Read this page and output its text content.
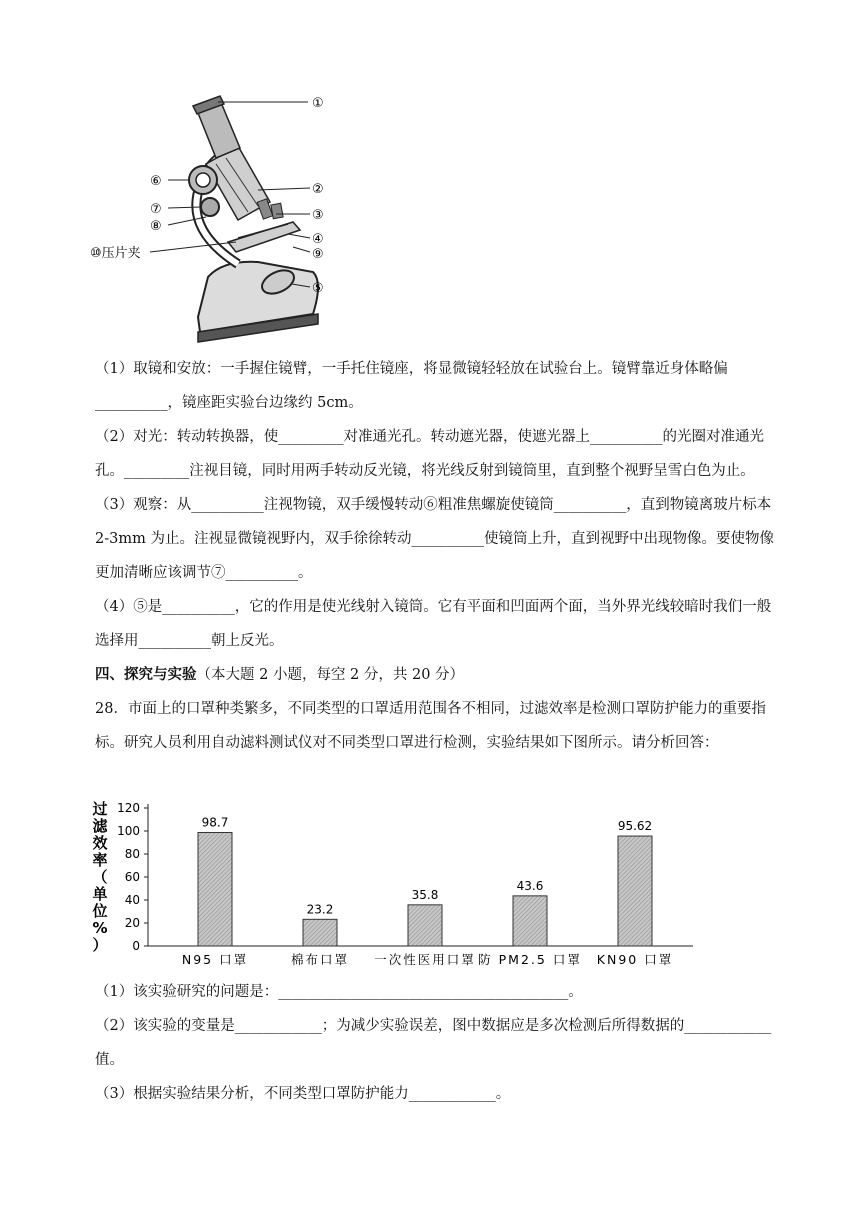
①
②
③
④
⑨
⑤
⑥
⑦
⑧
⑩压片夹

（1）取镜和安放：一手握住镜臂，一手托住镜座，将显微镜轻轻放在试验台上。镜臂靠近身体略偏__________，镜座距实验台边缘约 5cm。

（2）对光：转动转换器，使_________对准通光孔。转动遮光器，使遮光器上__________的光圈对准通光孔。_________注视目镜，同时用两手转动反光镜，将光线反射到镜筒里，直到整个视野呈雪白色为止。

（3）观察：从__________注视物镜，双手缓慢转动⑥粗准焦螺旋使镜筒__________，直到物镜离玻片标本 2-3mm 为止。注视显微镜视野内，双手徐徐转动__________使镜筒上升，直到视野中出现物像。要使物像更加清晰应该调节⑦__________。

（4）⑤是__________，它的作用是使光线射入镜筒。它有平面和凹面两个面，当外界光线较暗时我们一般选择用__________朝上反光。

四、探究与实验（本大题 2 小题，每空 2 分，共 20 分）

28．市面上的口罩种类繁多，不同类型的口罩适用范围各不相同，过滤效率是检测口罩防护能力的重要指标。研究人员利用自动滤料测试仪对不同类型口罩进行检测，实验结果如下图所示。请分析回答：

过
滤
效
率
（
单
位
%
） 0
20
40
60
80
100
120
98.7
N95 口罩
23.2
棉布口罩
35.8
一次性医用口罩
43.6
防 PM2.5 口罩
95.62
KN90 口罩

（1）该实验研究的问题是：________________________________________。

（2）该实验的变量是____________；为减少实验误差，图中数据应是多次检测后所得数据的____________值。

（3）根据实验结果分析，不同类型口罩防护能力____________。
